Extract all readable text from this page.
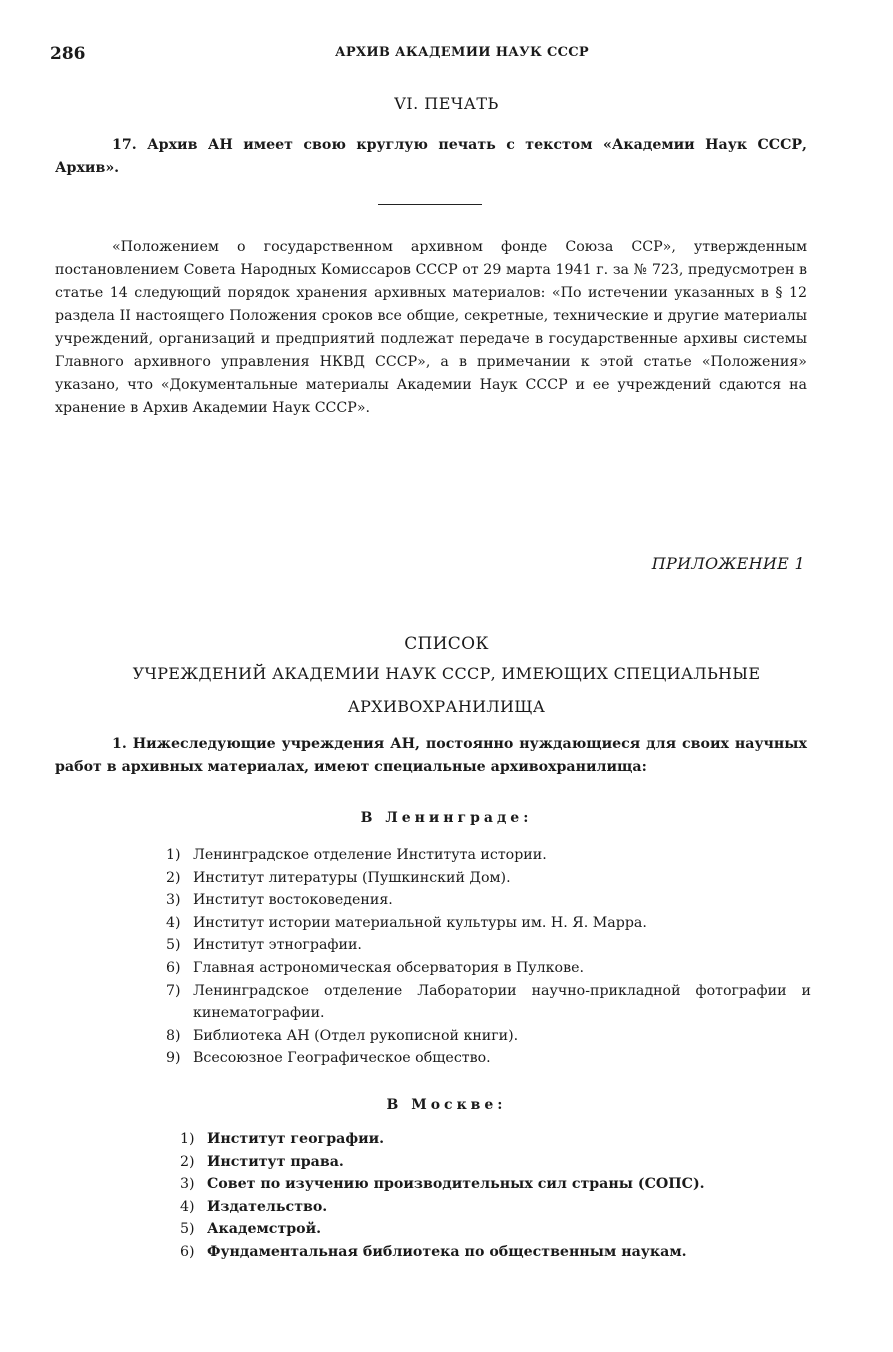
286	АРХИВ АКАДЕМИИ НАУК СССР
VI. ПЕЧАТЬ
17. Архив АН имеет свою круглую печать с текстом «Академии Наук СССР, Архив».
«Положением о государственном архивном фонде Союза ССР», утвержденным постановлением Совета Народных Комиссаров СССР от 29 марта 1941 г. за № 723, предусмотрен в статье 14 следующий порядок хранения архивных материалов: «По истечении указанных в § 12 раздела II настоящего Положения сроков все общие, секретные, технические и другие материалы учреждений, организаций и предприятий подлежат передаче в государственные архивы системы Главного архивного управления НКВД СССР», а в примечании к этой статье «Положения» указано, что «Документальные материалы Академии Наук СССР и ее учреждений сдаются на хранение в Архив Академии Наук СССР».
ПРИЛОЖЕНИЕ 1
СПИСОК
УЧРЕЖДЕНИЙ АКАДЕМИИ НАУК СССР, ИМЕЮЩИХ СПЕЦИАЛЬНЫЕ
АРХИВОХРАНИЛИЩА
1. Нижеследующие учреждения АН, постоянно нуждающиеся для своих научных работ в архивных материалах, имеют специальные архивохранилища:
В Ленинграде:
1) Ленинградское отделение Института истории.
2) Институт литературы (Пушкинский Дом).
3) Институт востоковедения.
4) Институт истории материальной культуры им. Н. Я. Марра.
5) Институт этнографии.
6) Главная астрономическая обсерватория в Пулкове.
7) Ленинградское отделение Лаборатории научно-прикладной фотографии и кинематографии.
8) Библиотека АН (Отдел рукописной книги).
9) Всесоюзное Географическое общество.
В Москве:
1) Институт географии.
2) Институт права.
3) Совет по изучению производительных сил страны (СОПС).
4) Издательство.
5) Академстрой.
6) Фундаментальная библиотека по общественным наукам.
